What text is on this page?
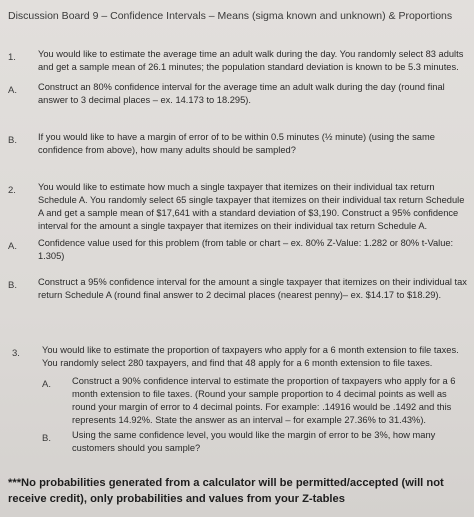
Discussion Board 9 – Confidence Intervals – Means (sigma known and unknown) & Proportions
1. You would like to estimate the average time an adult walk during the day. You randomly select 83 adults and get a sample mean of 26.1 minutes; the population standard deviation is known to be 5.3 minutes.
A. Construct an 80% confidence interval for the average time an adult walk during the day (round final answer to 3 decimal places – ex. 14.173 to 18.295).
B. If you would like to have a margin of error of to be within 0.5 minutes (½ minute) (using the same confidence from above), how many adults should be sampled?
2. You would like to estimate how much a single taxpayer that itemizes on their individual tax return Schedule A. You randomly select 65 single taxpayer that itemizes on their individual tax return Schedule A and get a sample mean of $17,641 with a standard deviation of $3,190. Construct a 95% confidence interval for the amount a single taxpayer that itemizes on their individual tax return Schedule A.
A. Confidence value used for this problem (from table or chart – ex. 80% Z-Value: 1.282 or 80% t-Value: 1.305)
B. Construct a 95% confidence interval for the amount a single taxpayer that itemizes on their individual tax return Schedule A (round final answer to 2 decimal places (nearest penny)– ex. $14.17 to $18.29).
3. You would like to estimate the proportion of taxpayers who apply for a 6 month extension to file taxes. You randomly select 280 taxpayers, and find that 48 apply for a 6 month extension to file taxes.
A. Construct a 90% confidence interval to estimate the proportion of taxpayers who apply for a 6 month extension to file taxes. (Round your sample proportion to 4 decimal points as well as round your margin of error to 4 decimal points. For example: .14916 would be .1492 and this represents 14.92%. State the answer as an interval – for example 27.36% to 31.43%).
B. Using the same confidence level, you would like the margin of error to be 3%, how many customers should you sample?
***No probabilities generated from a calculator will be permitted/accepted (will not receive credit), only probabilities and values from your Z-tables
